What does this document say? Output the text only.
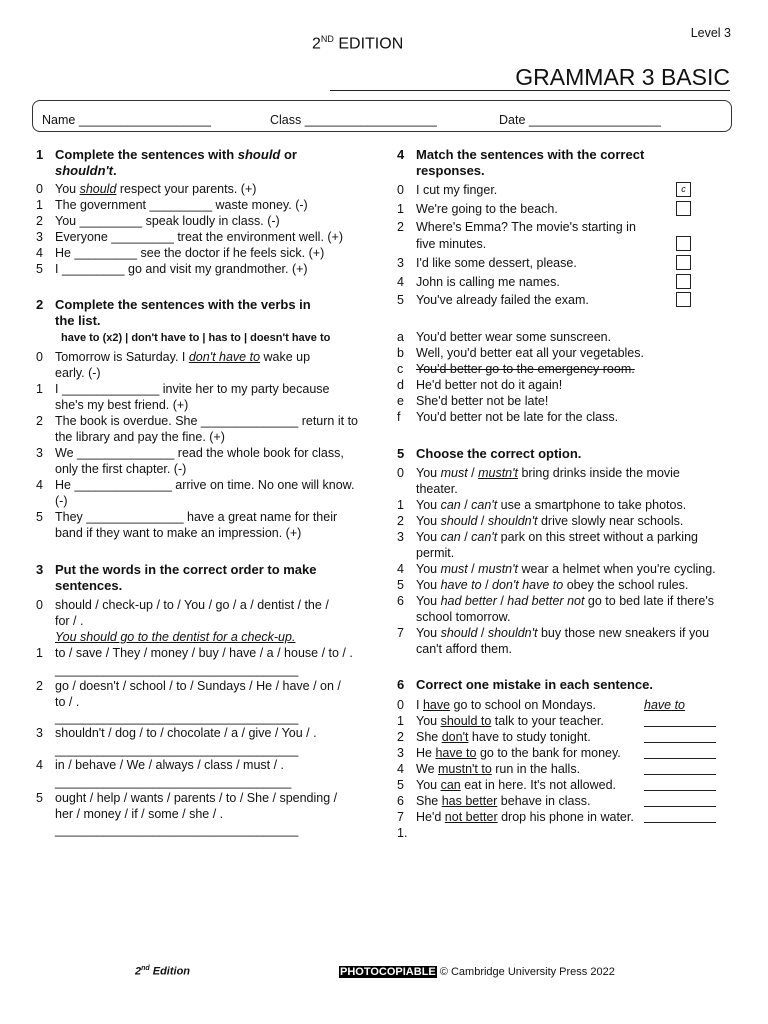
2ND EDITION
Level 3
GRAMMAR 3 BASIC
Name ___________________	Class ___________________	Date ___________________
1 Complete the sentences with should or
shouldn't.
0 You should respect your parents. (+)
1 The government _________ waste money. (-)
2 You _________ speak loudly in class. (-)
3 Everyone _________ treat the environment well. (+)
4 He _________ see the doctor if he feels sick. (+)
5 I _________ go and visit my grandmother. (+)
2 Complete the sentences with the verbs in
the list.
have to (x2) | don't have to | has to | doesn't have to
0 Tomorrow is Saturday. I don't have to wake up
early. (-)
1 I ______________ invite her to my party because
she's my best friend. (+)
2 The book is overdue. She ______________ return it to
the library and pay the fine. (+)
3 We ______________ read the whole book for class,
only the first chapter. (-)
4 He ______________ arrive on time. No one will know.
(-)
5 They ______________ have a great name for their
band if they want to make an impression. (+)
3 Put the words in the correct order to make
sentences.
0 should / check-up / to / You / go / a / dentist / the /
for / .
You should go to the dentist for a check-up.
1 to / save / They / money / buy / have / a / house / to / .
___________________________________
2 go / doesn't / school / to / Sundays / He / have / on /
to / .
___________________________________
3 shouldn't / dog / to / chocolate / a / give / You / .
___________________________________
4 in / behave / We / always / class / must / .
__________________________________
5 ought / help / wants / parents / to / She / spending /
her / money / if / some / she / .
___________________________________
4 Match the sentences with the correct
responses.
0 I cut my finger.	c
1 We're going to the beach.
2 Where's Emma? The movie's starting in
five minutes.
3 I'd like some dessert, please.
4 John is calling me names.
5 You've already failed the exam.
a You'd better wear some sunscreen.
b Well, you'd better eat all your vegetables.
c You'd better go to the emergency room.
d He'd better not do it again!
e She'd better not be late!
f You'd better not be late for the class.
5 Choose the correct option.
0 You must / mustn't bring drinks inside the movie
theater.
1 You can / can't use a smartphone to take photos.
2 You should / shouldn't drive slowly near schools.
3 You can / can't park on this street without a parking
permit.
4 You must / mustn't wear a helmet when you're cycling.
5 You have to / don't have to obey the school rules.
6 You had better / had better not go to bed late if there's
school tomorrow.
7 You should / shouldn't buy those new sneakers if you
can't afford them.
6 Correct one mistake in each sentence.
0 I have go to school on Mondays.	have to
1 You should to talk to your teacher.
2 She don't have to study tonight.
3 He have to go to the bank for money.
4 We mustn't to run in the halls.
5 You can eat in here. It's not allowed.
6 She has better behave in class.
7 He'd not better drop his phone in water.
1.
2nd Edition	PHOTOCOPIABLE © Cambridge University Press 2022
